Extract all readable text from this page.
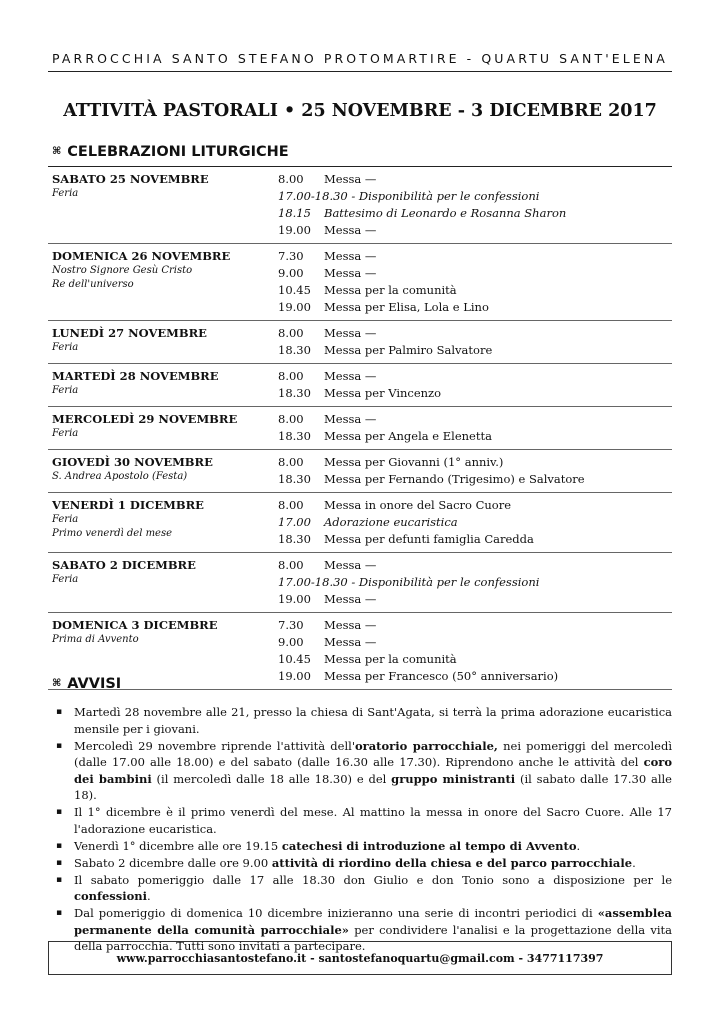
PARROCCHIA SANTO STEFANO PROTOMARTIRE - QUARTU SANT'ELENA
ATTIVITÀ PASTORALI • 25 NOVEMBRE - 3 DICEMBRE 2017
⌘ CELEBRAZIONI LITURGICHE
SABATO 25 NOVEMBRE
Feria
8.00 Messa —
17.00-18.30 - Disponibilità per le confessioni
18.15 Battesimo di Leonardo e Rosanna Sharon
19.00 Messa —
DOMENICA 26 NOVEMBRE
Nostro Signore Gesù Cristo
Re dell'universo
7.30 Messa —
9.00 Messa —
10.45 Messa per la comunità
19.00 Messa per Elisa, Lola e Lino
LUNEDÌ 27 NOVEMBRE
Feria
8.00 Messa —
18.30 Messa per Palmiro Salvatore
MARTEDÌ 28 NOVEMBRE
Feria
8.00 Messa —
18.30 Messa per Vincenzo
MERCOLEDÌ 29 NOVEMBRE
Feria
8.00 Messa —
18.30 Messa per Angela e Elenetta
GIOVEDÌ 30 NOVEMBRE
S. Andrea Apostolo (Festa)
8.00 Messa per Giovanni (1° anniv.)
18.30 Messa per Fernando (Trigesimo) e Salvatore
VENERDÌ 1 DICEMBRE
Feria
Primo venerdì del mese
8.00 Messa in onore del Sacro Cuore
17.00 Adorazione eucaristica
18.30 Messa per defunti famiglia Caredda
SABATO 2 DICEMBRE
Feria
8.00 Messa —
17.00-18.30 - Disponibilità per le confessioni
19.00 Messa —
DOMENICA 3 DICEMBRE
Prima di Avvento
7.30 Messa —
9.00 Messa —
10.45 Messa per la comunità
19.00 Messa per Francesco (50° anniversario)
⌘ AVVISI
▪ Martedì 28 novembre alle 21, presso la chiesa di Sant'Agata, si terrà la prima adorazione eucaristica mensile per i giovani.
▪ Mercoledì 29 novembre riprende l'attività dell'oratorio parrocchiale, nei pomeriggi del mercoledì (dalle 17.00 alle 18.00) e del sabato (dalle 16.30 alle 17.30). Riprendono anche le attività del coro dei bambini (il mercoledì dalle 18 alle 18.30) e del gruppo ministranti (il sabato dalle 17.30 alle 18).
▪ Il 1° dicembre è il primo venerdì del mese. Al mattino la messa in onore del Sacro Cuore. Alle 17 l'adorazione eucaristica.
▪ Venerdì 1° dicembre alle ore 19.15 catechesi di introduzione al tempo di Avvento.
▪ Sabato 2 dicembre dalle ore 9.00 attività di riordino della chiesa e del parco parrocchiale.
▪ Il sabato pomeriggio dalle 17 alle 18.30 don Giulio e don Tonio sono a disposizione per le confessioni.
▪ Dal pomeriggio di domenica 10 dicembre inizieranno una serie di incontri periodici di «assemblea permanente della comunità parrocchiale» per condividere l'analisi e la progettazione della vita della parrocchia. Tutti sono invitati a partecipare.
www.parrocchiasantostefano.it - santostefanoquartu@gmail.com - 3477117397
